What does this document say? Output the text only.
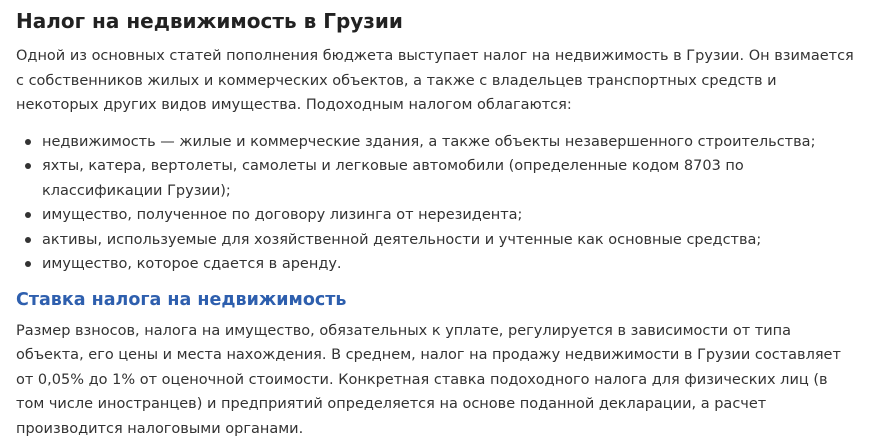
Налог на недвижимость в Грузии

Одной из основных статей пополнения бюджета выступает налог на недвижимость в Грузии. Он взимается с собственников жилых и коммерческих объектов, а также с владельцев транспортных средств и некоторых других видов имущества. Подоходным налогом облагаются:

недвижимость — жилые и коммерческие здания, а также объекты незавершенного строительства;
яхты, катера, вертолеты, самолеты и легковые автомобили (определенные кодом 8703 по классификации Грузии);
имущество, полученное по договору лизинга от нерезидента;
активы, используемые для хозяйственной деятельности и учтенные как основные средства;
имущество, которое сдается в аренду.
Ставка налога на недвижимость

Размер взносов, налога на имущество, обязательных к уплате, регулируется в зависимости от типа объекта, его цены и места нахождения. В среднем, налог на продажу недвижимости в Грузии составляет от 0,05% до 1% от оценочной стоимости. Конкретная ставка подоходного налога для физических лиц (в том числе иностранцев) и предприятий определяется на основе поданной декларации, а расчет производится налоговыми органами.
